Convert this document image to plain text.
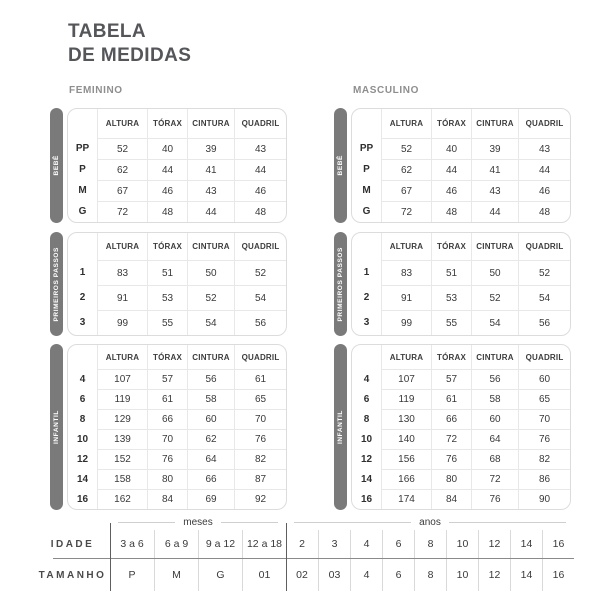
TABELA
DE MEDIDAS
FEMININO
BEBÊ
ALTURA	TÓRAX	CINTURA	QUADRIL
PP	52	40	39	43
P	62	44	41	44
M	67	46	43	46
G	72	48	44	48
PRIMEIROS PASSOS
ALTURA	TÓRAX	CINTURA	QUADRIL
1	83	51	50	52
2	91	53	52	54
3	99	55	54	56
INFANTIL
ALTURA	TÓRAX	CINTURA	QUADRIL
4	107	57	56	61
6	119	61	58	65
8	129	66	60	70
10	139	70	62	76
12	152	76	64	82
14	158	80	66	87
16	162	84	69	92
MASCULINO
BEBÊ
ALTURA	TÓRAX	CINTURA	QUADRIL
PP	52	40	39	43
P	62	44	41	44
M	67	46	43	46
G	72	48	44	48
PRIMEIROS PASSOS
ALTURA	TÓRAX	CINTURA	QUADRIL
1	83	51	50	52
2	91	53	52	54
3	99	55	54	56
INFANTIL
ALTURA	TÓRAX	CINTURA	QUADRIL
4	107	57	56	60
6	119	61	58	65
8	130	66	60	70
10	140	72	64	76
12	156	76	68	82
14	166	80	72	86
16	174	84	76	90
meses	anos
IDADE	3 a 6	6 a 9	9 a 12	12 a 18	2	3	4	6	8	10	12	14	16
TAMANHO	P	M	G	01	02	03	4	6	8	10	12	14	16
